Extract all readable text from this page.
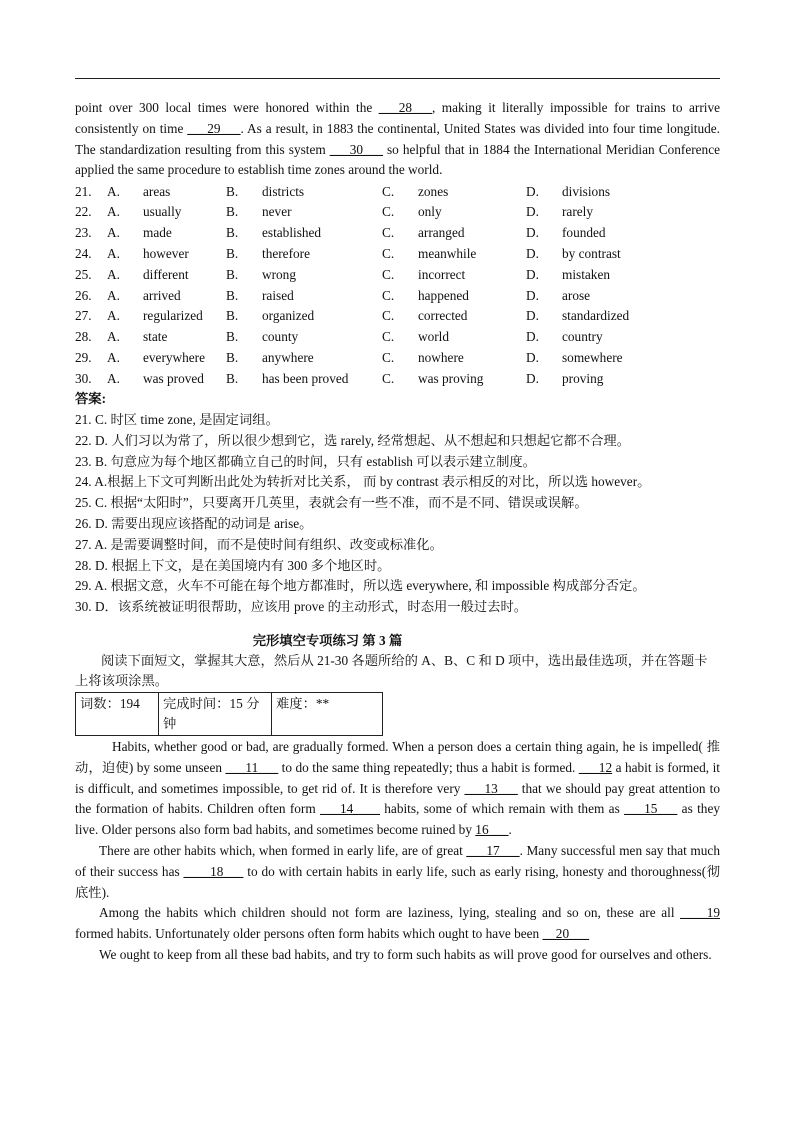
point over 300 local times were honored within the ___28___, making it literally impossible for trains to arrive consistently on time ___29___. As a result, in 1883 the continental, United States was divided into four time longitude. The standardization resulting from this system ___30___ so helpful that in 1884 the International Meridian Conference applied the same procedure to establish time zones around the world.

21.	A.	areas	B.	districts	C.	zones	D.	divisions
22.	A.	usually	B.	never	C.	only	D.	rarely
23.	A.	made	B.	established	C.	arranged	D.	founded
24.	A.	however	B.	therefore	C.	meanwhile	D.	by contrast
25.	A.	different	B.	wrong	C.	incorrect	D.	mistaken
26.	A.	arrived	B.	raised	C.	happened	D.	arose
27.	A.	regularized	B.	organized	C.	corrected	D.	standardized
28.	A.	state	B.	county	C.	world	D.	country
29.	A.	everywhere	B.	anywhere	C.	nowhere	D.	somewhere
30.	A.	was proved	B.	has been proved	C.	was proving	D.	proving
答案:

21. C. 时区 time zone, 是固定词组。

22. D. 人们习以为常了，所以很少想到它，选 rarely, 经常想起、从不想起和只想起它都不合理。

23. B. 句意应为每个地区都确立自己的时间，只有 establish 可以表示建立制度。

24. A.根据上下文可判断出此处为转折对比关系， 而 by contrast 表示相反的对比，所以选 however。

25. C. 根据“太阳时”，只要离开几英里，表就会有一些不准，而不是不同、错误或误解。

26. D. 需要出现应该搭配的动词是 arise。

27. A. 是需要调整时间，而不是使时间有组织、改变或标准化。

28. D. 根据上下文，是在美国境内有 300 多个地区时。

29. A. 根据文意，火车不可能在每个地方都准时，所以选 everywhere, 和 impossible 构成部分否定。

30. D．该系统被证明很帮助，应该用 prove 的主动形式，时态用一般过去时。

完形填空专项练习 第 3 篇

阅读下面短文，掌握其大意，然后从 21-30 各题所给的 A、B、C 和 D 项中，选出最佳选项，并在答题卡上将该项涂黑。

词数：194	完成时间：15 分钟	难度：**

Habits, whether good or bad, are gradually formed. When a person does a certain thing again, he is impelled( 推动，迫使) by some unseen ___11___ to do the same thing repeatedly; thus a habit is formed. ___12 a habit is formed, it is difficult, and sometimes impossible, to get rid of. It is therefore very ___13___ that we should pay great attention to the formation of habits. Children often form ___14____ habits, some of which remain with them as ___15___ as they live. Older persons also form bad habits, and sometimes become ruined by 16___.

There are other habits which, when formed in early life, are of great ___17___. Many successful men say that much of their success has ____18___ to do with certain habits in early life, such as early rising, honesty and thoroughness(彻底性).

Among the habits which children should not form are laziness, lying, stealing and so on, these are all ____19 formed habits. Unfortunately older persons often form habits which ought to have been __20___

We ought to keep from all these bad habits, and try to form such habits as will prove good for ourselves and others.
